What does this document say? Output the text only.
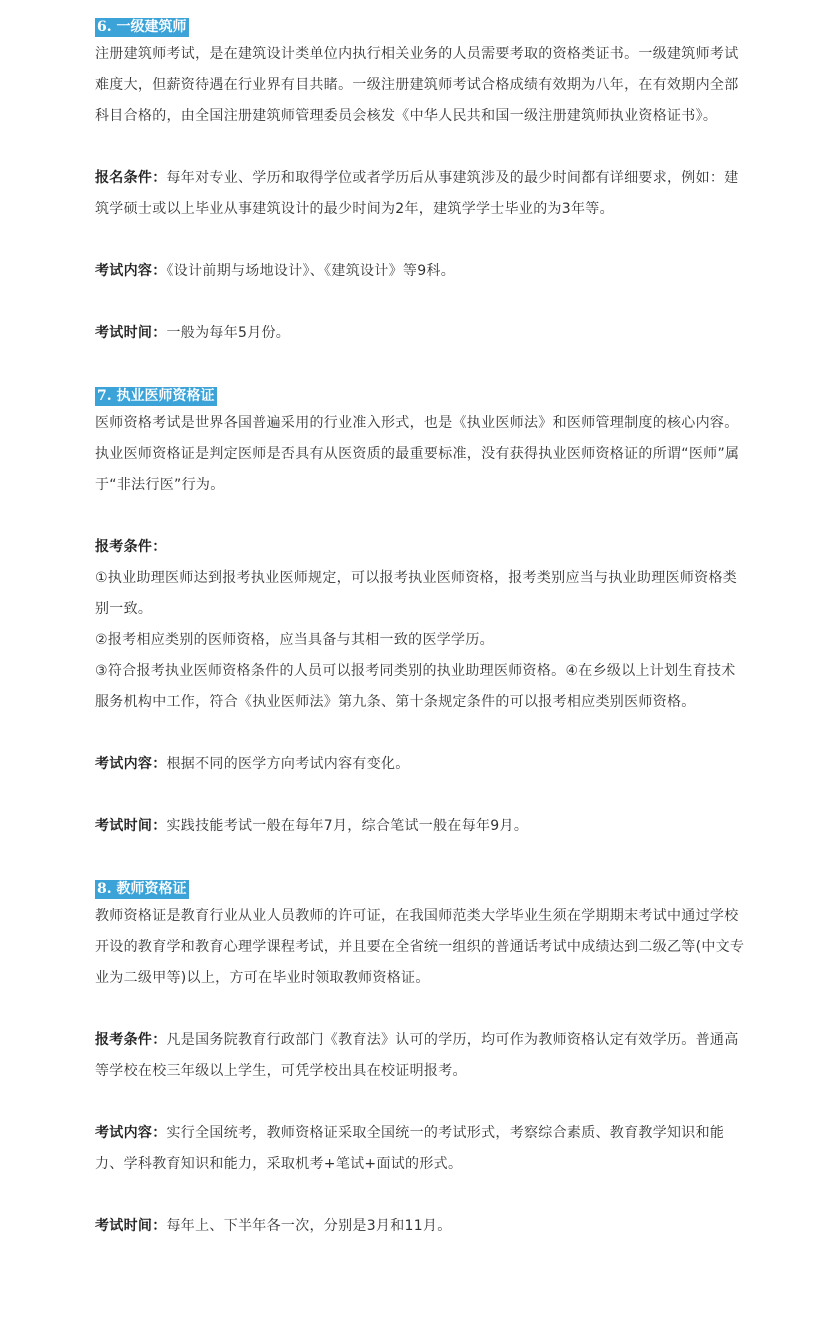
6. 一级建筑师

注册建筑师考试，是在建筑设计类单位内执行相关业务的人员需要考取的资格类证书。一级建筑师考试难度大，但薪资待遇在行业界有目共睹。一级注册建筑师考试合格成绩有效期为八年，在有效期内全部科目合格的，由全国注册建筑师管理委员会核发《中华人民共和国一级注册建筑师执业资格证书》。

报名条件：每年对专业、学历和取得学位或者学历后从事建筑涉及的最少时间都有详细要求，例如：建筑学硕士或以上毕业从事建筑设计的最少时间为2年，建筑学学士毕业的为3年等。

考试内容：《设计前期与场地设计》、《建筑设计》等9科。

考试时间：一般为每年5月份。

7. 执业医师资格证

医师资格考试是世界各国普遍采用的行业准入形式，也是《执业医师法》和医师管理制度的核心内容。执业医师资格证是判定医师是否具有从医资质的最重要标准，没有获得执业医师资格证的所谓“医师”属于“非法行医”行为。

报考条件：

①执业助理医师达到报考执业医师规定，可以报考执业医师资格，报考类别应当与执业助理医师资格类别一致。

②报考相应类别的医师资格，应当具备与其相一致的医学学历。

③符合报考执业医师资格条件的人员可以报考同类别的执业助理医师资格。④在乡级以上计划生育技术服务机构中工作，符合《执业医师法》第九条、第十条规定条件的可以报考相应类别医师资格。

考试内容：根据不同的医学方向考试内容有变化。

考试时间：实践技能考试一般在每年7月，综合笔试一般在每年9月。

8. 教师资格证

教师资格证是教育行业从业人员教师的许可证，在我国师范类大学毕业生须在学期期末考试中通过学校开设的教育学和教育心理学课程考试，并且要在全省统一组织的普通话考试中成绩达到二级乙等(中文专业为二级甲等)以上，方可在毕业时领取教师资格证。

报考条件：凡是国务院教育行政部门《教育法》认可的学历，均可作为教师资格认定有效学历。普通高等学校在校三年级以上学生，可凭学校出具在校证明报考。

考试内容：实行全国统考，教师资格证采取全国统一的考试形式，考察综合素质、教育教学知识和能力、学科教育知识和能力，采取机考+笔试+面试的形式。

考试时间：每年上、下半年各一次，分别是3月和11月。
